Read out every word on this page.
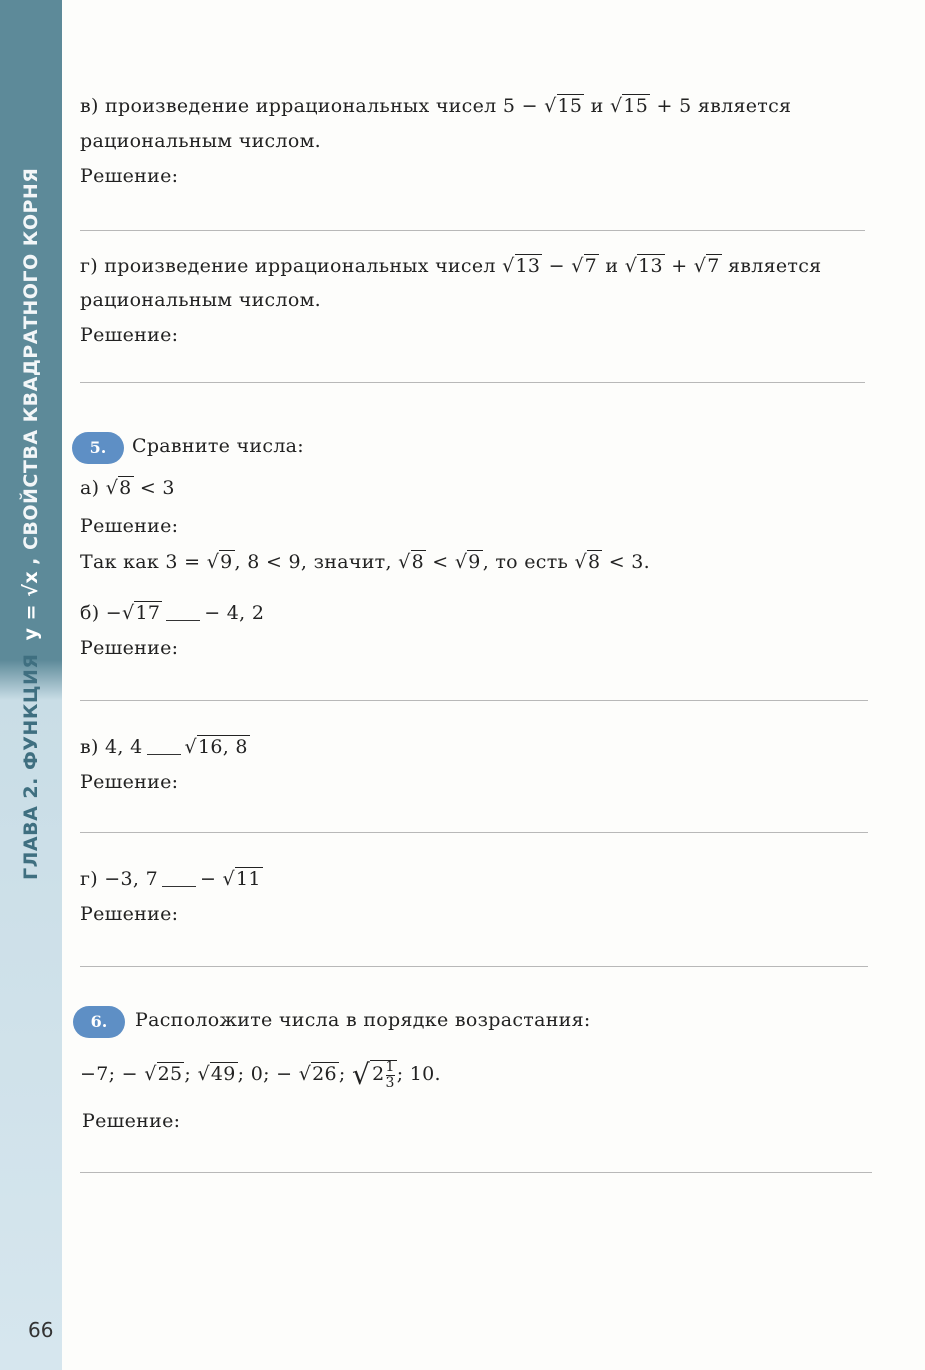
ГЛАВА 2. ФУНКЦИЯ y = √x, СВОЙСТВА КВАДРАТНОГО КОРНЯ
66
в) произведение иррациональных чисел 5 − √15 и √15 + 5 является
рациональным числом.
Решение:
г) произведение иррациональных чисел √13 − √7 и √13 + √7 является
рациональным числом.
Решение:
5.	Сравните числа:
а) √8 < 3
Решение:
Так как 3 = √9 , 8 < 9, значит, √8 < √9 , то есть √8 < 3.
б) −√17 − 4, 2
Решение:
в) 4, 4 √16, 8
Решение:
г) −3, 7 − √11
Решение:
6.	Расположите числа в порядке возрастания:
−7; − √25 ; √49 ; 0; − √26 ; √ $2 \frac{1}{3}$ ; 10.
Решение:
